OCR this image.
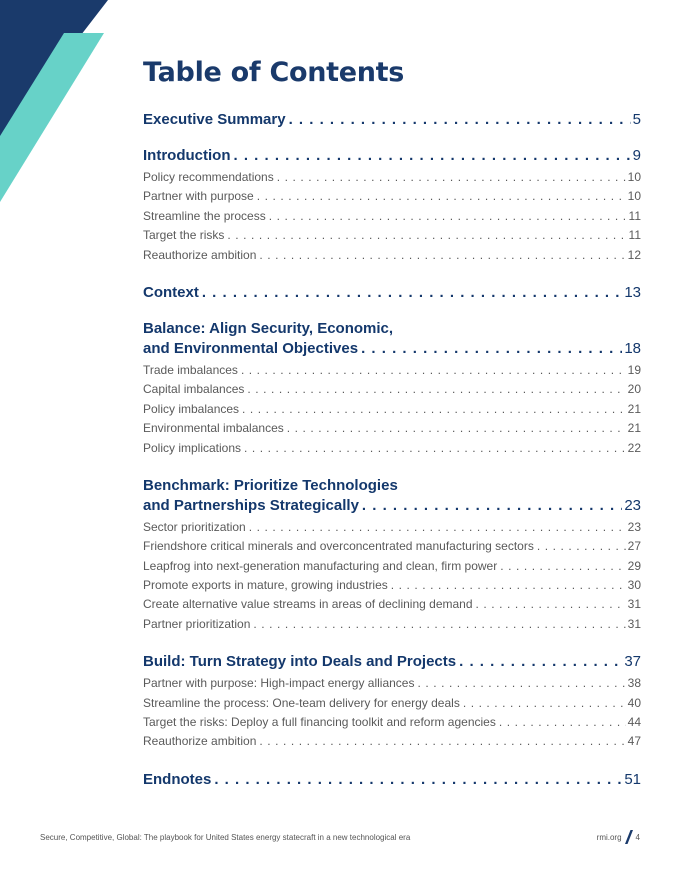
Table of Contents
Executive Summary . . .	5
Introduction . . .	9
Policy recommendations . . .	10
Partner with purpose . . .	10
Streamline the process . . .	11
Target the risks . . .	11
Reauthorize ambition . . .	12
Context . . .	13
Balance: Align Security, Economic,
and Environmental Objectives . . .	18
Trade imbalances . . .	19
Capital imbalances . . .	20
Policy imbalances . . .	21
Environmental imbalances . . .	21
Policy implications . . .	22
Benchmark: Prioritize Technologies
and Partnerships Strategically . . .	23
Sector prioritization . . .	23
Friendshore critical minerals and overconcentrated manufacturing sectors . . .	27
Leapfrog into next-generation manufacturing and clean, firm power . . .	29
Promote exports in mature, growing industries . . .	30
Create alternative value streams in areas of declining demand . . .	31
Partner prioritization . . .	31
Build: Turn Strategy into Deals and Projects . . .	37
Partner with purpose: High-impact energy alliances . . .	38
Streamline the process: One-team delivery for energy deals . . .	40
Target the risks: Deploy a full financing toolkit and reform agencies . . .	44
Reauthorize ambition . . .	47
Endnotes . . .	51
Secure, Competitive, Global: The playbook for United States energy statecraft in a new technological era	rmi.org 4
